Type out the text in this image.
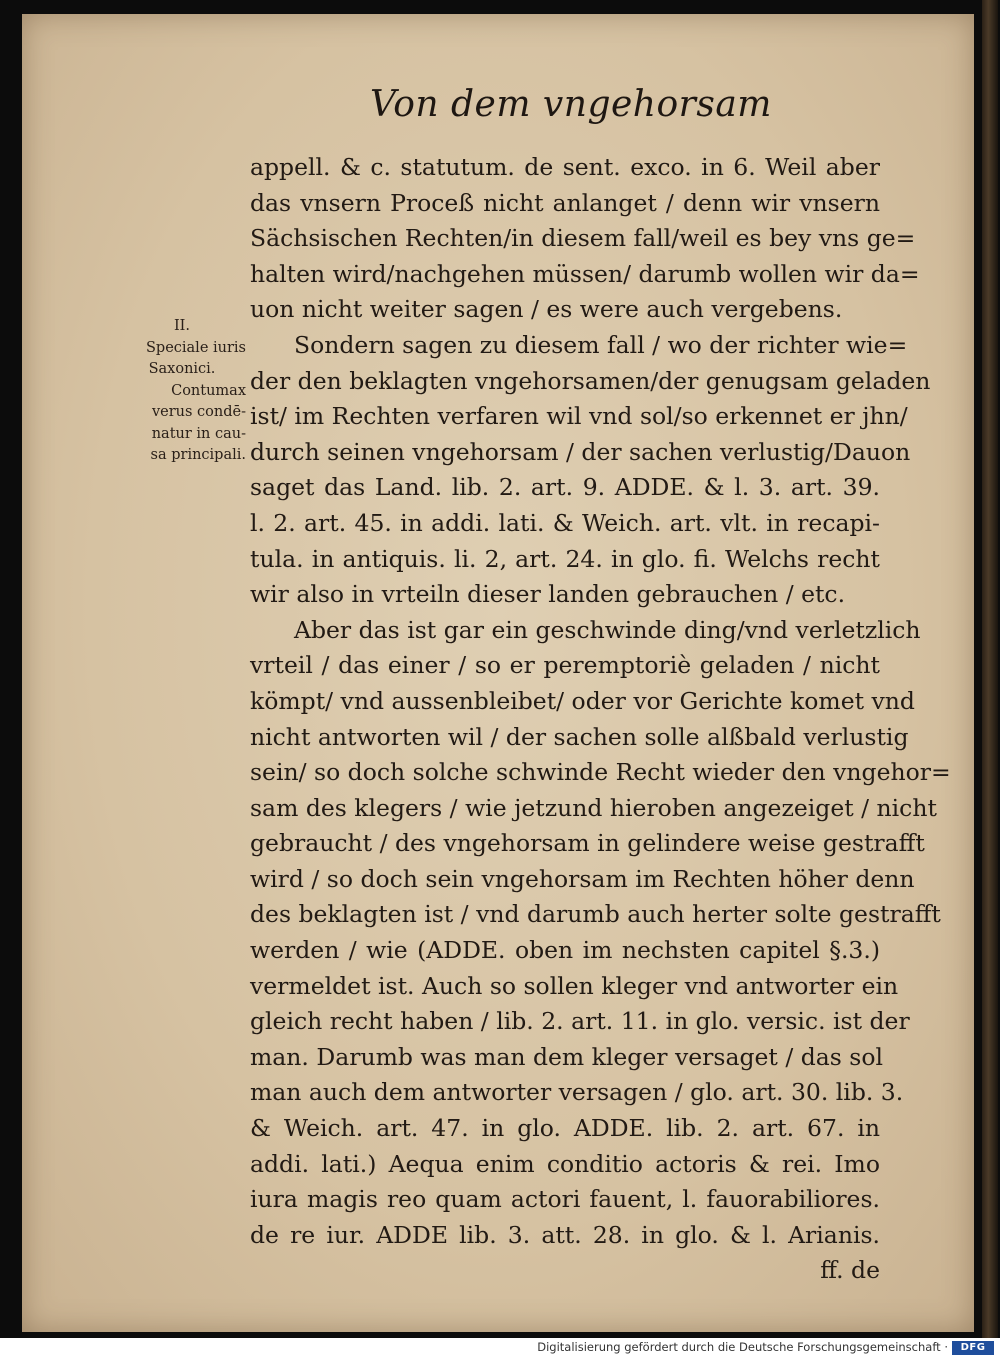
Von dem vngehorsam
II.
Speciale iuris
Saxonici.
Contumax
verus condē-
natur in cau-
sa principali.
appell. & c. statutum. de sent. exco. in 6. Weil aber
das vnsern Proceß nicht anlanget / denn wir vnsern
Sächsischen Rechten/in diesem fall/weil es bey vns ge=
halten wird/nachgehen müssen/ darumb wollen wir da=
uon nicht weiter sagen / es were auch vergebens.
Sondern sagen zu diesem fall / wo der richter wie=
der den beklagten vngehorsamen/der genugsam geladen
ist/ im Rechten verfaren wil vnd sol/so erkennet er jhn/
durch seinen vngehorsam / der sachen verlustig/Dauon
saget das Land. lib. 2. art. 9. ADDE. & l. 3. art. 39.
l. 2. art. 45. in addi. lati. & Weich. art. vlt. in recapi-
tula. in antiquis. li. 2, art. 24. in glo. fi. Welchs recht
wir also in vrteiln dieser landen gebrauchen / etc.
Aber das ist gar ein geschwinde ding/vnd verletzlich
vrteil / das einer / so er peremptoriè geladen / nicht
kömpt/ vnd aussenbleibet/ oder vor Gerichte komet vnd
nicht antworten wil / der sachen solle alßbald verlustig
sein/ so doch solche schwinde Recht wieder den vngehor=
sam des klegers / wie jetzund hieroben angezeiget / nicht
gebraucht / des vngehorsam in gelindere weise gestrafft
wird / so doch sein vngehorsam im Rechten höher denn
des beklagten ist / vnd darumb auch herter solte gestrafft
werden / wie (ADDE. oben im nechsten capitel §.3.)
vermeldet ist. Auch so sollen kleger vnd antworter ein
gleich recht haben / lib. 2. art. 11. in glo. versic. ist der
man. Darumb was man dem kleger versaget / das sol
man auch dem antworter versagen / glo. art. 30. lib. 3.
& Weich. art. 47. in glo. ADDE. lib. 2. art. 67. in
addi. lati.) Aequa enim conditio actoris & rei. Imo
iura magis reo quam actori fauent, l. fauorabiliores.
de re iur. ADDE lib. 3. att. 28. in glo. & l. Arianis.
ff. de
Digitalisierung gefördert durch die Deutsche Forschungsgemeinschaft ·	DFG
